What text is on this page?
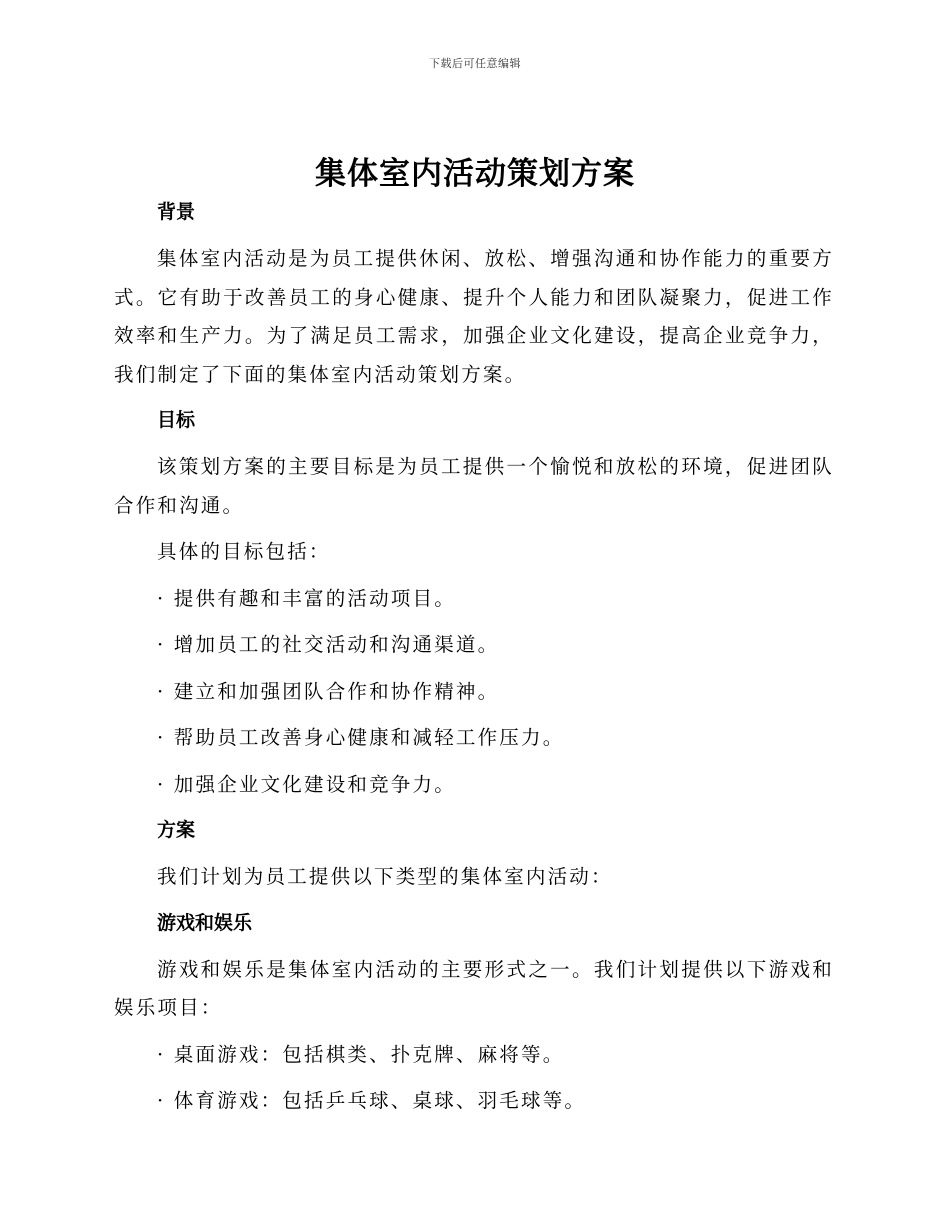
下载后可任意编辑
集体室内活动策划方案
背景

集体室内活动是为员工提供休闲、放松、增强沟通和协作能力的重要方式。它有助于改善员工的身心健康、提升个人能力和团队凝聚力，促进工作效率和生产力。为了满足员工需求，加强企业文化建设，提高企业竞争力，我们制定了下面的集体室内活动策划方案。

目标

该策划方案的主要目标是为员工提供一个愉悦和放松的环境，促进团队合作和沟通。

具体的目标包括：

· 提供有趣和丰富的活动项目。
· 增加员工的社交活动和沟通渠道。
· 建立和加强团队合作和协作精神。
· 帮助员工改善身心健康和减轻工作压力。
· 加强企业文化建设和竞争力。
方案

我们计划为员工提供以下类型的集体室内活动：

游戏和娱乐

游戏和娱乐是集体室内活动的主要形式之一。我们计划提供以下游戏和娱乐项目：

· 桌面游戏：包括棋类、扑克牌、麻将等。
· 体育游戏：包括乒乓球、桌球、羽毛球等。
